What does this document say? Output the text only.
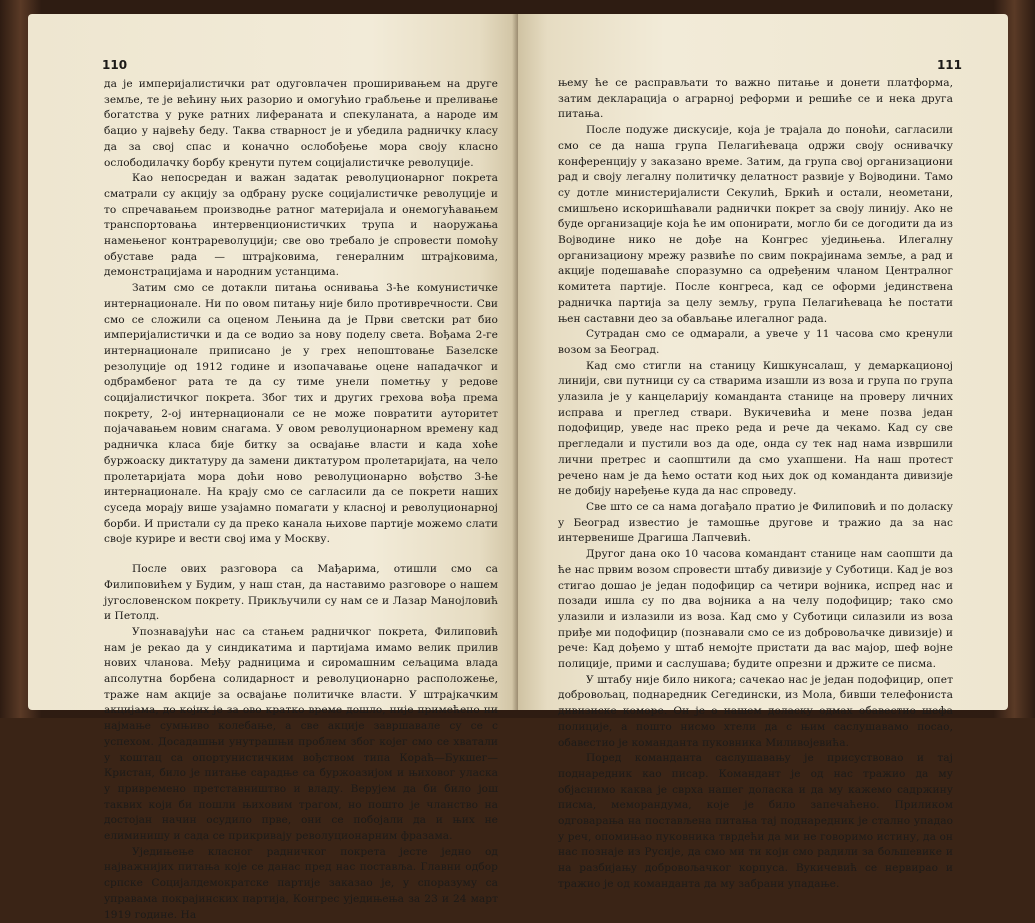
110

да је империјалистички рат одуговлачен проширивањем на друге земље, те је већину њих разорио и омогућио грабљење и преливање богатства у руке ратних лифераната и спекуланата, а народе им бацио у највећу беду. Таква стварност је и убедила радничку класу да за свој спас и коначно ослобођење мора своју класно ослободилачку борбу кренути путем социјалистичке револуције.

Као непосредан и важан задатак револуционарног покрета сматрали су акцију за одбрану руске социјалистичке револуције и то спречавањем производње ратног материјала и онемогућавањем транспортовања интервенционистичких трупа и наоружања намењеног контрареволуцији; све ово требало је спровести помоћу обуставе рада — штрајковима, генералним штрајковима, демонстрацијама и народним устанцима.

Затим смо се дотакли питања оснивања 3-ће комунистичке интернационале. Ни по овом питању није било противречности. Сви смо се сложили са оценом Лењина да је Први светски рат био империјалистички и да се водио за нову поделу света. Вођама 2-ге интернационале приписано је у грех непоштовање Базелске резолуције од 1912 године и изопачавање оцене нападачког и одбрамбеног рата те да су тиме унели пометњу у редове социјалистичког покрета. Због тих и других грехова вођа према покрету, 2-ој интернационали се не може повратити ауторитет појачавањем новим снагама. У овом револуционарном времену кад радничка класа бије битку за освајање власти и када хоће буржоаску диктатуру да замени диктатуром пролетаријата, на чело пролетаријата мора доћи ново револуционарно вођство 3-ће интернационале. На крају смо се сагласили да се покрети наших суседа морају више узајамно помагати у класној и револуционарној борби. И пристали су да преко канала њихове партије можемо слати своје курире и вести свој има у Москву.

После ових разговора са Мађарима, отишли смо са Филиповићем у Будим, у наш стан, да наставимо разговоре о нашем југословенском покрету. Прикључили су нам се и Лазар Манојловић и Петолд.

Упознавајући нас са стањем радничког покрета, Филиповић нам је рекао да у синдикатима и партијама имамо велик прилив нових чланова. Међу радницима и сиромашним сељацима влада апсолутна борбена солидарност и револуционарно расположење, траже нам акције за освајање политичке власти. У штрајкачким акцијама, до којих је за ово кратко време дошло, није примећено ни најмање сумњиво колебање, а све акције завршавале су се с успехом. Досадашњи унутрашњи проблем због којег смо се хватали у коштац са опортунистичким вођством типа Кораћ—Букшег—Кристан, било је питање сарадње са буржоазијом и њиховог уласка у привремено претставништво и владу. Верујем да би било још таквих који би пошли њиховим трагом, но пошто је чланство на достојан начин осудило прве, они се побојали да и њих не елиминишу и сада се прикривају револуционарним фразама.

Уједињење класног радничког покрета јесте једно од најважнијих питања које се данас пред нас поставља. Главни одбор српске Социјалдемократске партије заказао је, у споразуму са управама покрајинских партија, Конгрес уједињења за 23 и 24 март 1919 године. На

111

њему ће се расправљати то важно питање и донети платформа, затим декларација о аграрној реформи и решиће се и нека друга питања.

После подуже дискусије, која је трајала до поноћи, сагласили смо се да наша група Пелагићеваца одржи своју оснивачку конференцију у заказано време. Затим, да група свој организациони рад и своју легалну политичку делатност развије у Војводини. Тамо су дотле министеријалисти Секулић, Бркић и остали, неометани, смишљено искоришћавали раднички покрет за своју линију. Ако не буде организације која ће им опонирати, могло би се догодити да из Војводине нико не дође на Конгрес уједињења. Илегалну организациону мрежу развиће по свим покрајинама земље, а рад и акције подешаваће споразумно са одређеним чланом Централног комитета партије. После конгреса, кад се оформи јединствена радничка партија за целу земљу, група Пелагићеваца ће постати њен саставни део за обављање илегалног рада.

Сутрадан смо се одмарали, а увече у 11 часова смо кренули возом за Београд.

Кад смо стигли на станицу Кишкунсалаш, у демаркационој линији, сви путници су са стварима изашли из воза и група по група улазила је у канцеларију команданта станице на проверу личних исправа и преглед ствари. Вукичевића и мене позва један подофицир, уведе нас преко реда и рече да чекамо. Кад су све прегледали и пустили воз да оде, онда су тек над нама извршили лични претрес и саопштили да смо ухапшени. На наш протест речено нам је да ћемо остати код њих док од команданта дивизије не добију наређење куда да нас спроведу.

Све што се са нама догађало пратио је Филиповић и по доласку у Београд известио је тамошње другове и тражио да за нас интервенише Драгиша Лапчевић.

Другог дана око 10 часова командант станице нам саопшти да ће нас првим возом спровести штабу дивизије у Суботици. Кад је воз стигао дошао је један подофицир са четири војника, испред нас и позади ишла су по два војника а на челу подофицир; тако смо улазили и излазили из воза. Кад смо у Суботици силазили из воза приђе ми подофицир (познавали смо се из добровољачке дивизије) и рече: Кад дођемо у штаб немојте пристати да вас мајор, шеф војне полиције, прими и саслушава; будите опрезни и држите се писма.

У штабу није било никога; сачекао нас је један подофицир, опет добровољац, поднаредник Сегедински, из Мола, бивши телефониста дивизиске коморе. Он је о нашем доласку одмах обавестио шефа полиције, а пошто нисмо хтели да с њим саслушавамо посао, обавестио је команданта пуковника Миливојевића.

Поред команданта саслушавању је присуствовао и тај поднаредник као писар. Командант је од нас тражио да му објаснимо каква је сврха нашег доласка и да му кажемо садржину писма, меморандума, које је било запечаћено. Приликом одговарања на постављена питања тај поднаредник је стално упадао у реч, опомињао пуковника тврдећи да ми не говоримо истину, да он нас познаје из Русије, да смо ми ти који смо радили за бољшевике и на разбијању добровољачког корпуса. Вукичевић се нервирао и тражио је од команданта да му забрани упадање.
